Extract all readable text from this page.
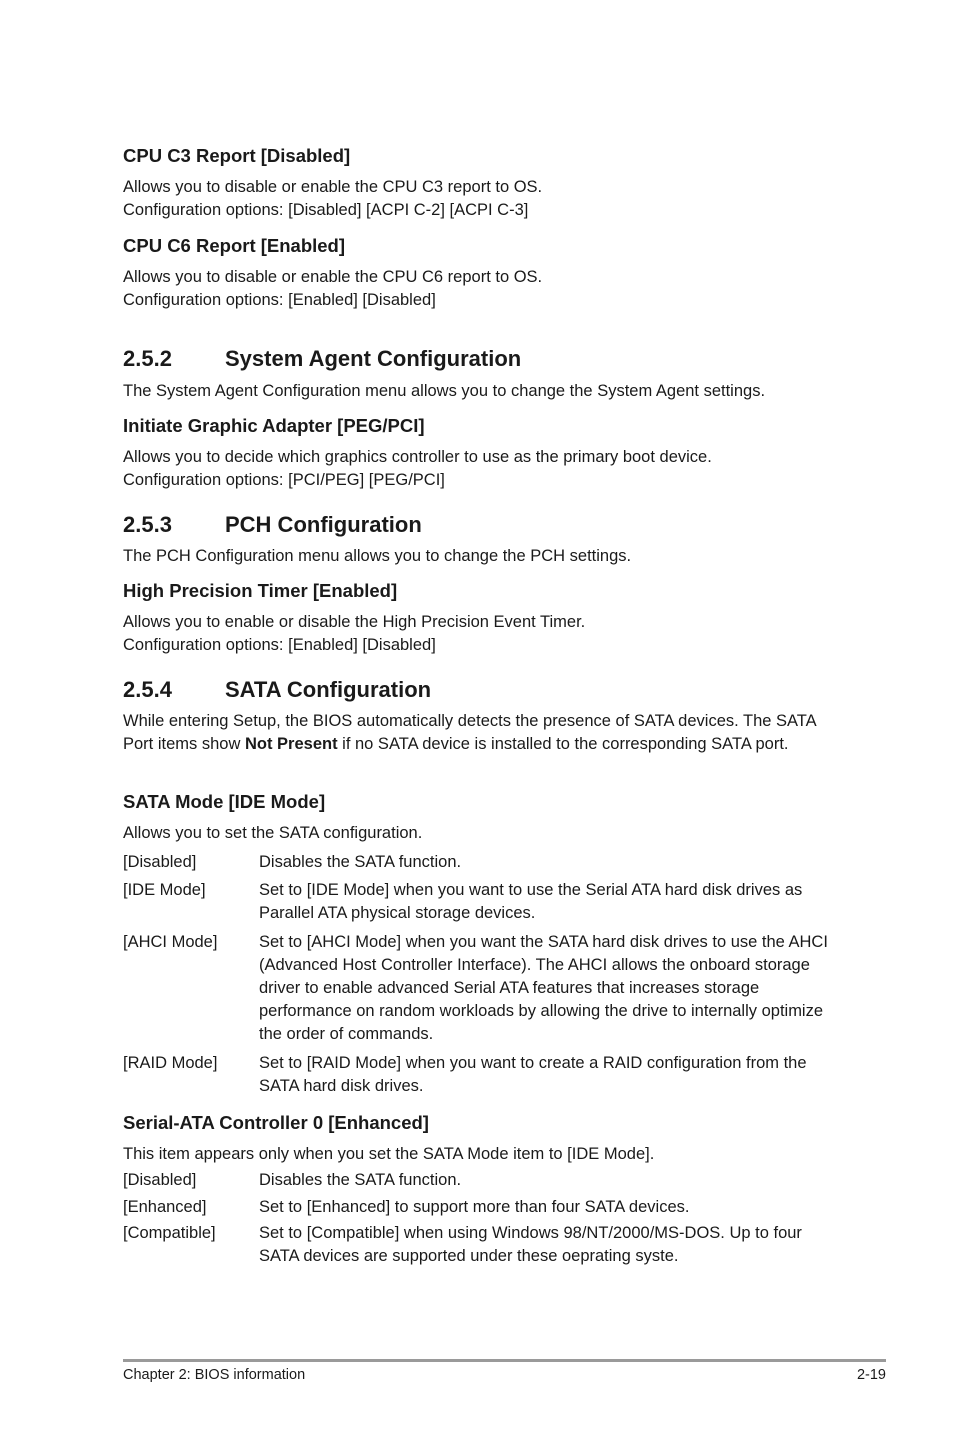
CPU C3 Report [Disabled]

Allows you to disable or enable the CPU C3 report to OS.
Configuration options: [Disabled] [ACPI C-2] [ACPI C-3]

CPU C6 Report [Enabled]

Allows you to disable or enable the CPU C6 report to OS.
Configuration options: [Enabled] [Disabled]

2.5.2 System Agent Configuration

The System Agent Configuration menu allows you to change the System Agent settings.

Initiate Graphic Adapter [PEG/PCI]

Allows you to decide which graphics controller to use as the primary boot device.
Configuration options: [PCI/PEG] [PEG/PCI]

2.5.3 PCH Configuration

The PCH Configuration menu allows you to change the PCH settings.

High Precision Timer [Enabled]

Allows you to enable or disable the High Precision Event Timer.
Configuration options: [Enabled] [Disabled]

2.5.4 SATA Configuration

While entering Setup, the BIOS automatically detects the presence of SATA devices. The SATA Port items show Not Present if no SATA device is installed to the corresponding SATA port.

SATA Mode [IDE Mode]

Allows you to set the SATA configuration.

[Disabled]	Disables the SATA function.
[IDE Mode]	Set to [IDE Mode] when you want to use the Serial ATA hard disk drives as Parallel ATA physical storage devices.
[AHCI Mode]	Set to [AHCI Mode] when you want the SATA hard disk drives to use the AHCI (Advanced Host Controller Interface). The AHCI allows the onboard storage driver to enable advanced Serial ATA features that increases storage performance on random workloads by allowing the drive to internally optimize the order of commands.
[RAID Mode]	Set to [RAID Mode] when you want to create a RAID configuration from the SATA hard disk drives.
Serial-ATA Controller 0 [Enhanced]

This item appears only when you set the SATA Mode item to [IDE Mode].

[Disabled]	Disables the SATA function.
[Enhanced]	Set to [Enhanced] to support more than four SATA devices.
[Compatible]	Set to [Compatible] when using Windows 98/NT/2000/MS-DOS. Up to four SATA devices are supported under these oeprating syste.
Chapter 2: BIOS information	2-19
